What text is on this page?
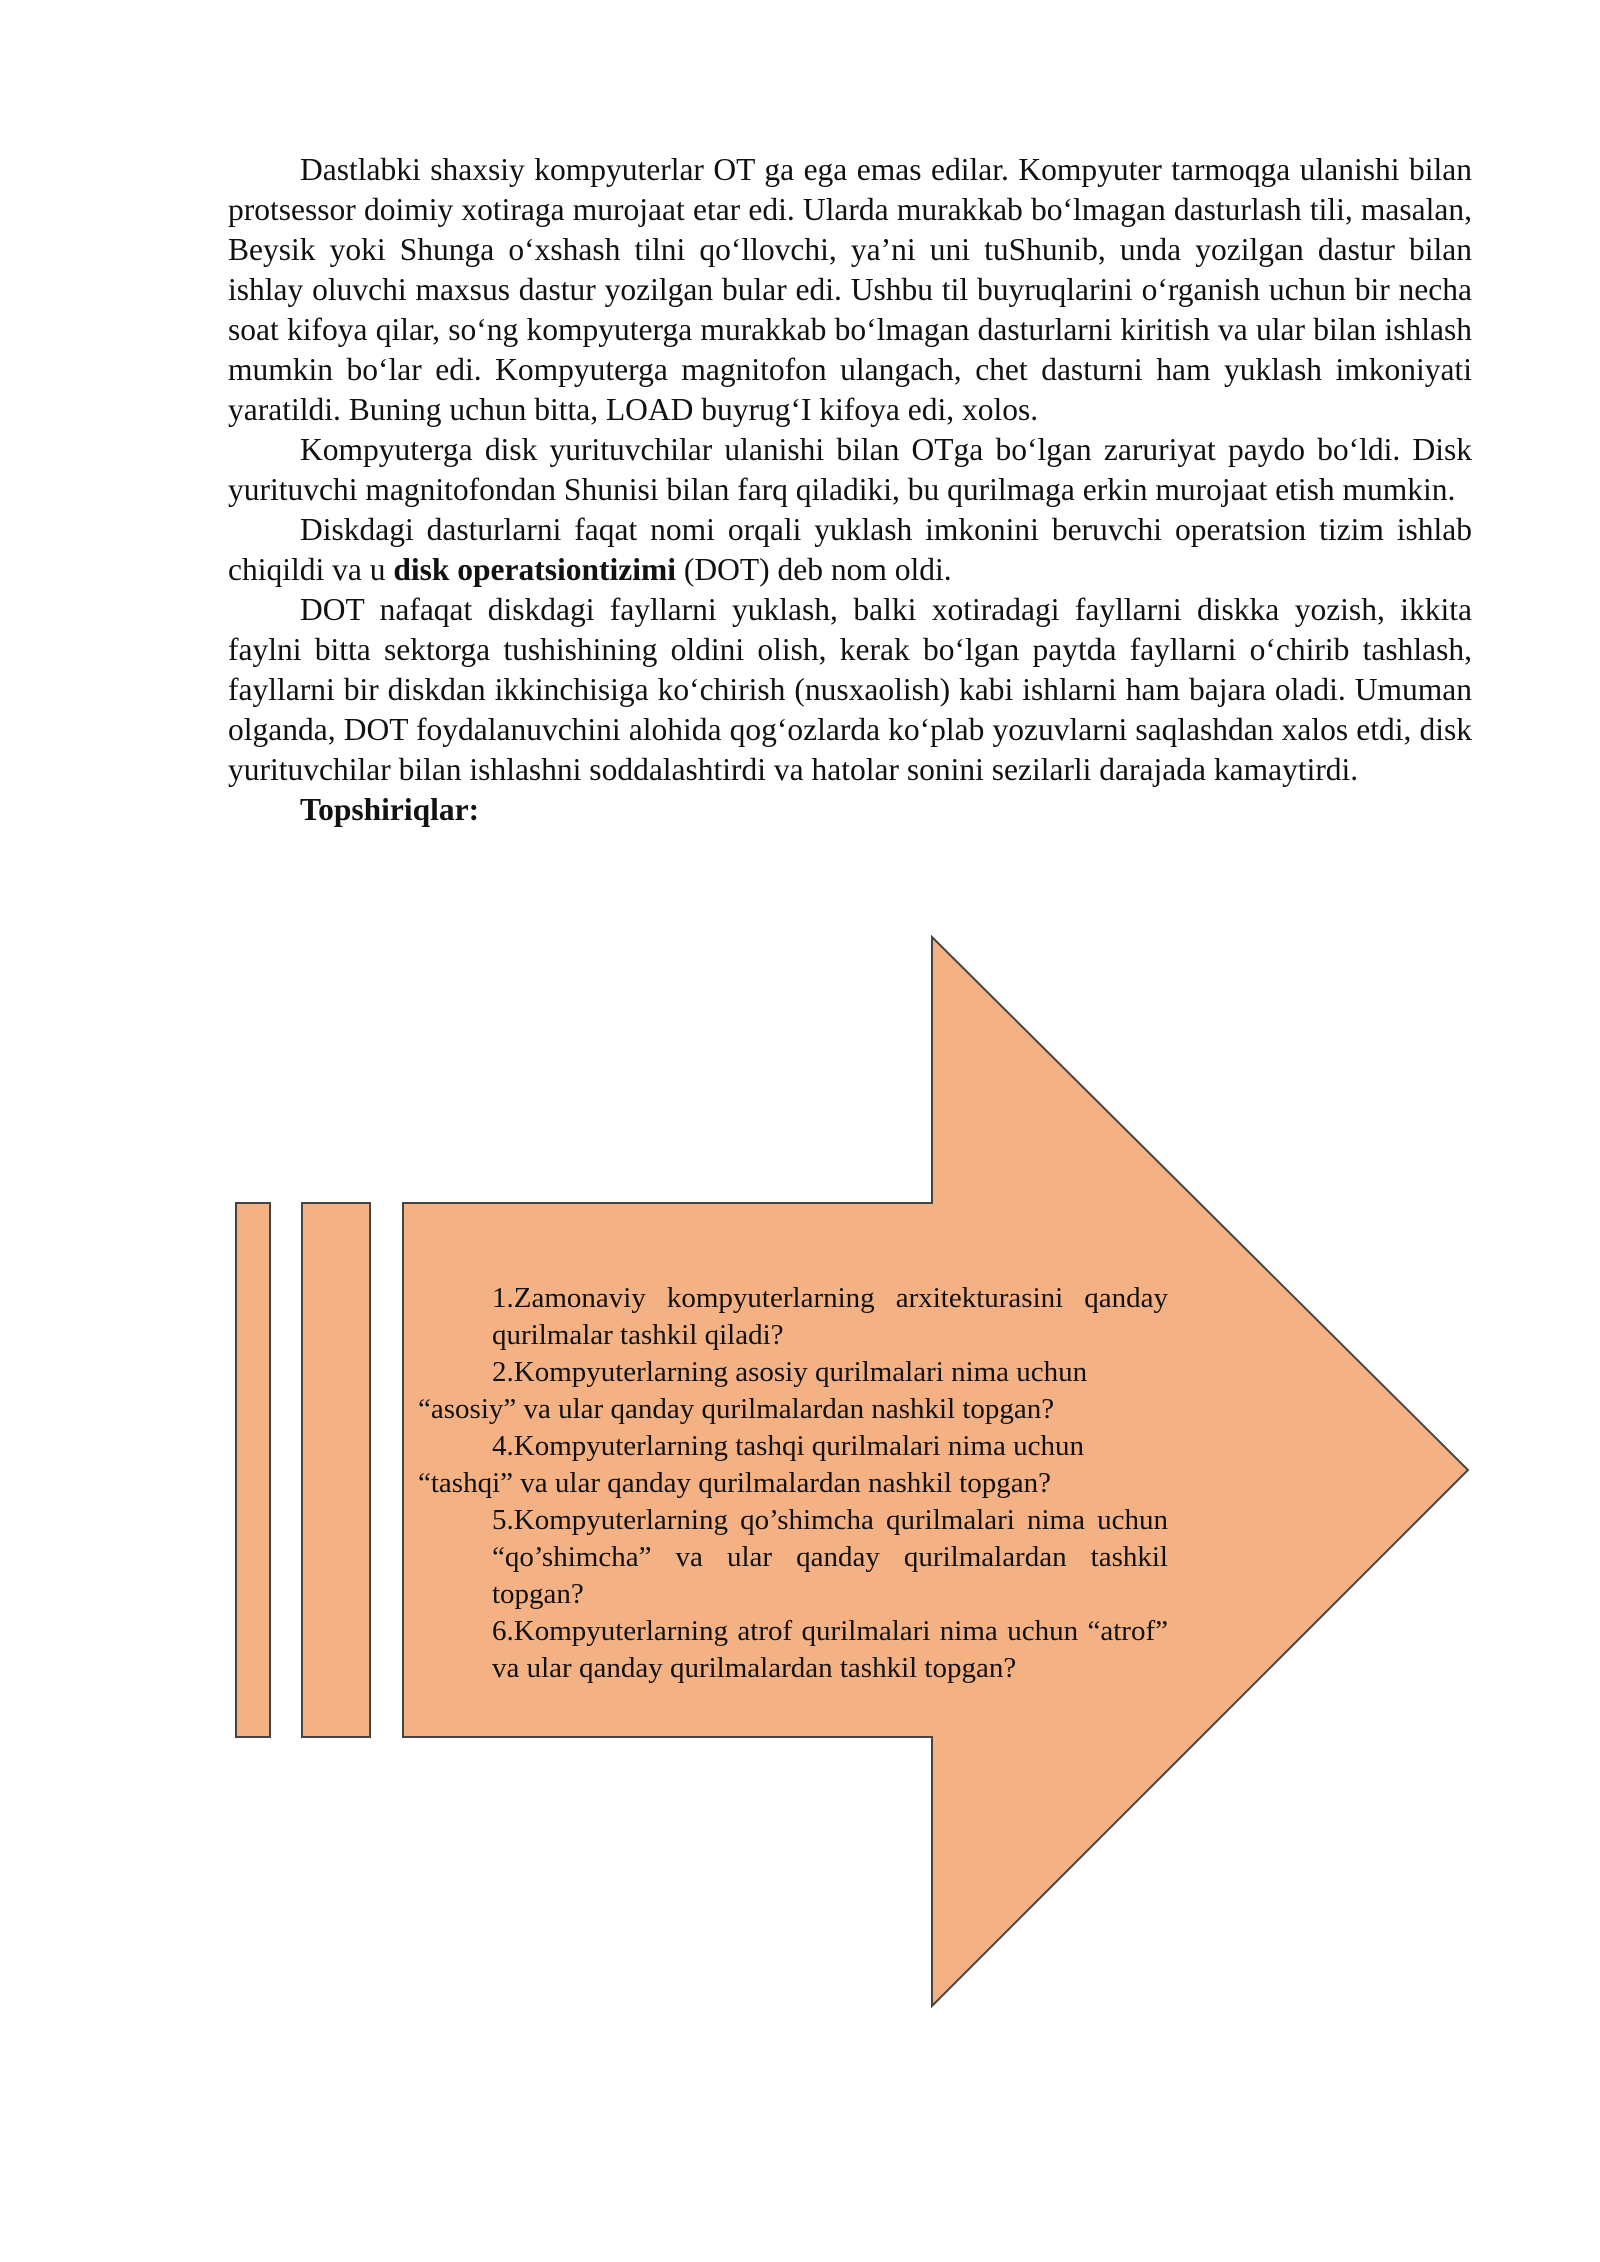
Dastlabki shaxsiy kompyuterlar OT ga ega emas edilar. Kompyuter tarmoqga ulanishi bilan protsessor doimiy xotiraga murojaat etar edi. Ularda murakkab bo‘lmagan dasturlash tili, masalan, Beysik yoki Shunga o‘xshash tilni qo‘llovchi, ya’ni uni tuShunib, unda yozilgan dastur bilan ishlay oluvchi maxsus dastur yozilgan bular edi. Ushbu til buyruqlarini o‘rganish uchun bir necha soat kifoya qilar, so‘ng kompyuterga murakkab bo‘lmagan dasturlarni kiritish va ular bilan ishlash mumkin bo‘lar edi. Kompyuterga magnitofon ulangach, chet dasturni ham yuklash imkoniyati yaratildi. Buning uchun bitta, LOAD buyrug‘I kifoya edi, xolos.

Kompyuterga disk yurituvchilar ulanishi bilan OTga bo‘lgan zaruriyat paydo bo‘ldi. Disk yurituvchi magnitofondan Shunisi bilan farq qiladiki, bu qurilmaga erkin murojaat etish mumkin.

Diskdagi dasturlarni faqat nomi orqali yuklash imkonini beruvchi operatsion tizim ishlab chiqildi va u disk operatsiontizimi (DOT) deb nom oldi.

DOT nafaqat diskdagi fayllarni yuklash, balki xotiradagi fayllarni diskka yozish, ikkita faylni bitta sektorga tushishining oldini olish, kerak bo‘lgan paytda fayllarni o‘chirib tashlash, fayllarni bir diskdan ikkinchisiga ko‘chirish (nusxaolish) kabi ishlarni ham bajara oladi. Umuman olganda, DOT foydalanuvchini alohida qog‘ozlarda ko‘plab yozuvlarni saqlashdan xalos etdi, disk yurituvchilar bilan ishlashni soddalashtirdi va hatolar sonini sezilarli darajada kamaytirdi.

Topshiriqlar:

1.Zamonaviy kompyuterlarning arxitekturasini qanday qurilmalar tashkil qiladi?

2.Kompyuterlarning asosiy qurilmalari nima uchun
“asosiy” va ular qanday qurilmalardan nashkil topgan?

4.Kompyuterlarning tashqi qurilmalari nima uchun
“tashqi” va ular qanday qurilmalardan nashkil topgan?

5.Kompyuterlarning qo’shimcha qurilmalari nima uchun “qo’shimcha” va ular qanday qurilmalardan tashkil topgan?

6.Kompyuterlarning atrof qurilmalari nima uchun “atrof” va ular qanday qurilmalardan tashkil topgan?
